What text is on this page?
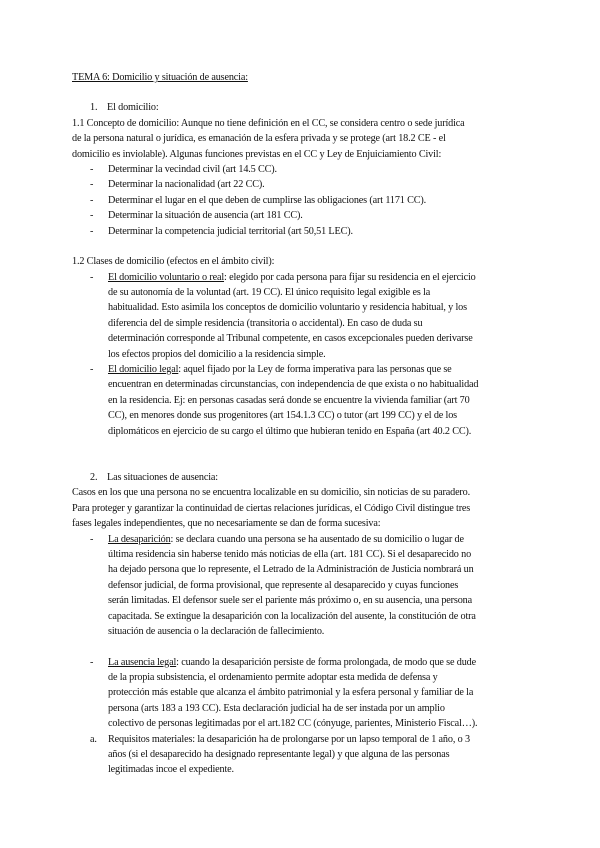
TEMA 6: Domicilio y situación de ausencia:
1. El domicilio:
1.1 Concepto de domicilio: Aunque no tiene definición en el CC, se considera centro o sede jurídica
de la persona natural o jurídica, es emanación de la esfera privada y se protege (art 18.2 CE - el
domicilio es inviolable). Algunas funciones previstas en el CC y Ley de Enjuiciamiento Civil:
- Determinar la vecindad civil (art 14.5 CC).
- Determinar la nacionalidad (art 22 CC).
- Determinar el lugar en el que deben de cumplirse las obligaciones (art 1171 CC).
- Determinar la situación de ausencia (art 181 CC).
- Determinar la competencia judicial territorial (art 50,51 LEC).
1.2 Clases de domicilio (efectos en el ámbito civil):
- El domicilio voluntario o real: elegido por cada persona para fijar su residencia en el ejercicio
de su autonomía de la voluntad (art. 19 CC). El único requisito legal exigible es la
habitualidad. Esto asimila los conceptos de domicilio voluntario y residencia habitual, y los
diferencia del de simple residencia (transitoria o accidental). En caso de duda su
determinación corresponde al Tribunal competente, en casos excepcionales pueden derivarse
los efectos propios del domicilio a la residencia simple.
- El domicilio legal: aquel fijado por la Ley de forma imperativa para las personas que se
encuentran en determinadas circunstancias, con independencia de que exista o no habitualidad
en la residencia. Ej: en personas casadas será donde se encuentre la vivienda familiar (art 70
CC), en menores donde sus progenitores (art 154.1.3 CC) o tutor (art 199 CC) y el de los
diplomáticos en ejercicio de su cargo el último que hubieran tenido en España (art 40.2 CC).
2. Las situaciones de ausencia:
Casos en los que una persona no se encuentra localizable en su domicilio, sin noticias de su paradero.
Para proteger y garantizar la continuidad de ciertas relaciones jurídicas, el Código Civil distingue tres
fases legales independientes, que no necesariamente se dan de forma sucesiva:
- La desaparición: se declara cuando una persona se ha ausentado de su domicilio o lugar de
última residencia sin haberse tenido más noticias de ella (art. 181 CC). Si el desaparecido no
ha dejado persona que lo represente, el Letrado de la Administración de Justicia nombrará un
defensor judicial, de forma provisional, que represente al desaparecido y cuyas funciones
serán limitadas. El defensor suele ser el pariente más próximo o, en su ausencia, una persona
capacitada. Se extingue la desaparición con la localización del ausente, la constitución de otra
situación de ausencia o la declaración de fallecimiento.
- La ausencia legal: cuando la desaparición persiste de forma prolongada, de modo que se dude
de la propia subsistencia, el ordenamiento permite adoptar esta medida de defensa y
protección más estable que alcanza el ámbito patrimonial y la esfera personal y familiar de la
persona (arts 183 a 193 CC). Esta declaración judicial ha de ser instada por un amplio
colectivo de personas legitimadas por el art.182 CC (cónyuge, parientes, Ministerio Fiscal…).
a. Requisitos materiales: la desaparición ha de prolongarse por un lapso temporal de 1 año, o 3
años (si el desaparecido ha designado representante legal) y que alguna de las personas
legitimadas incoe el expediente.
